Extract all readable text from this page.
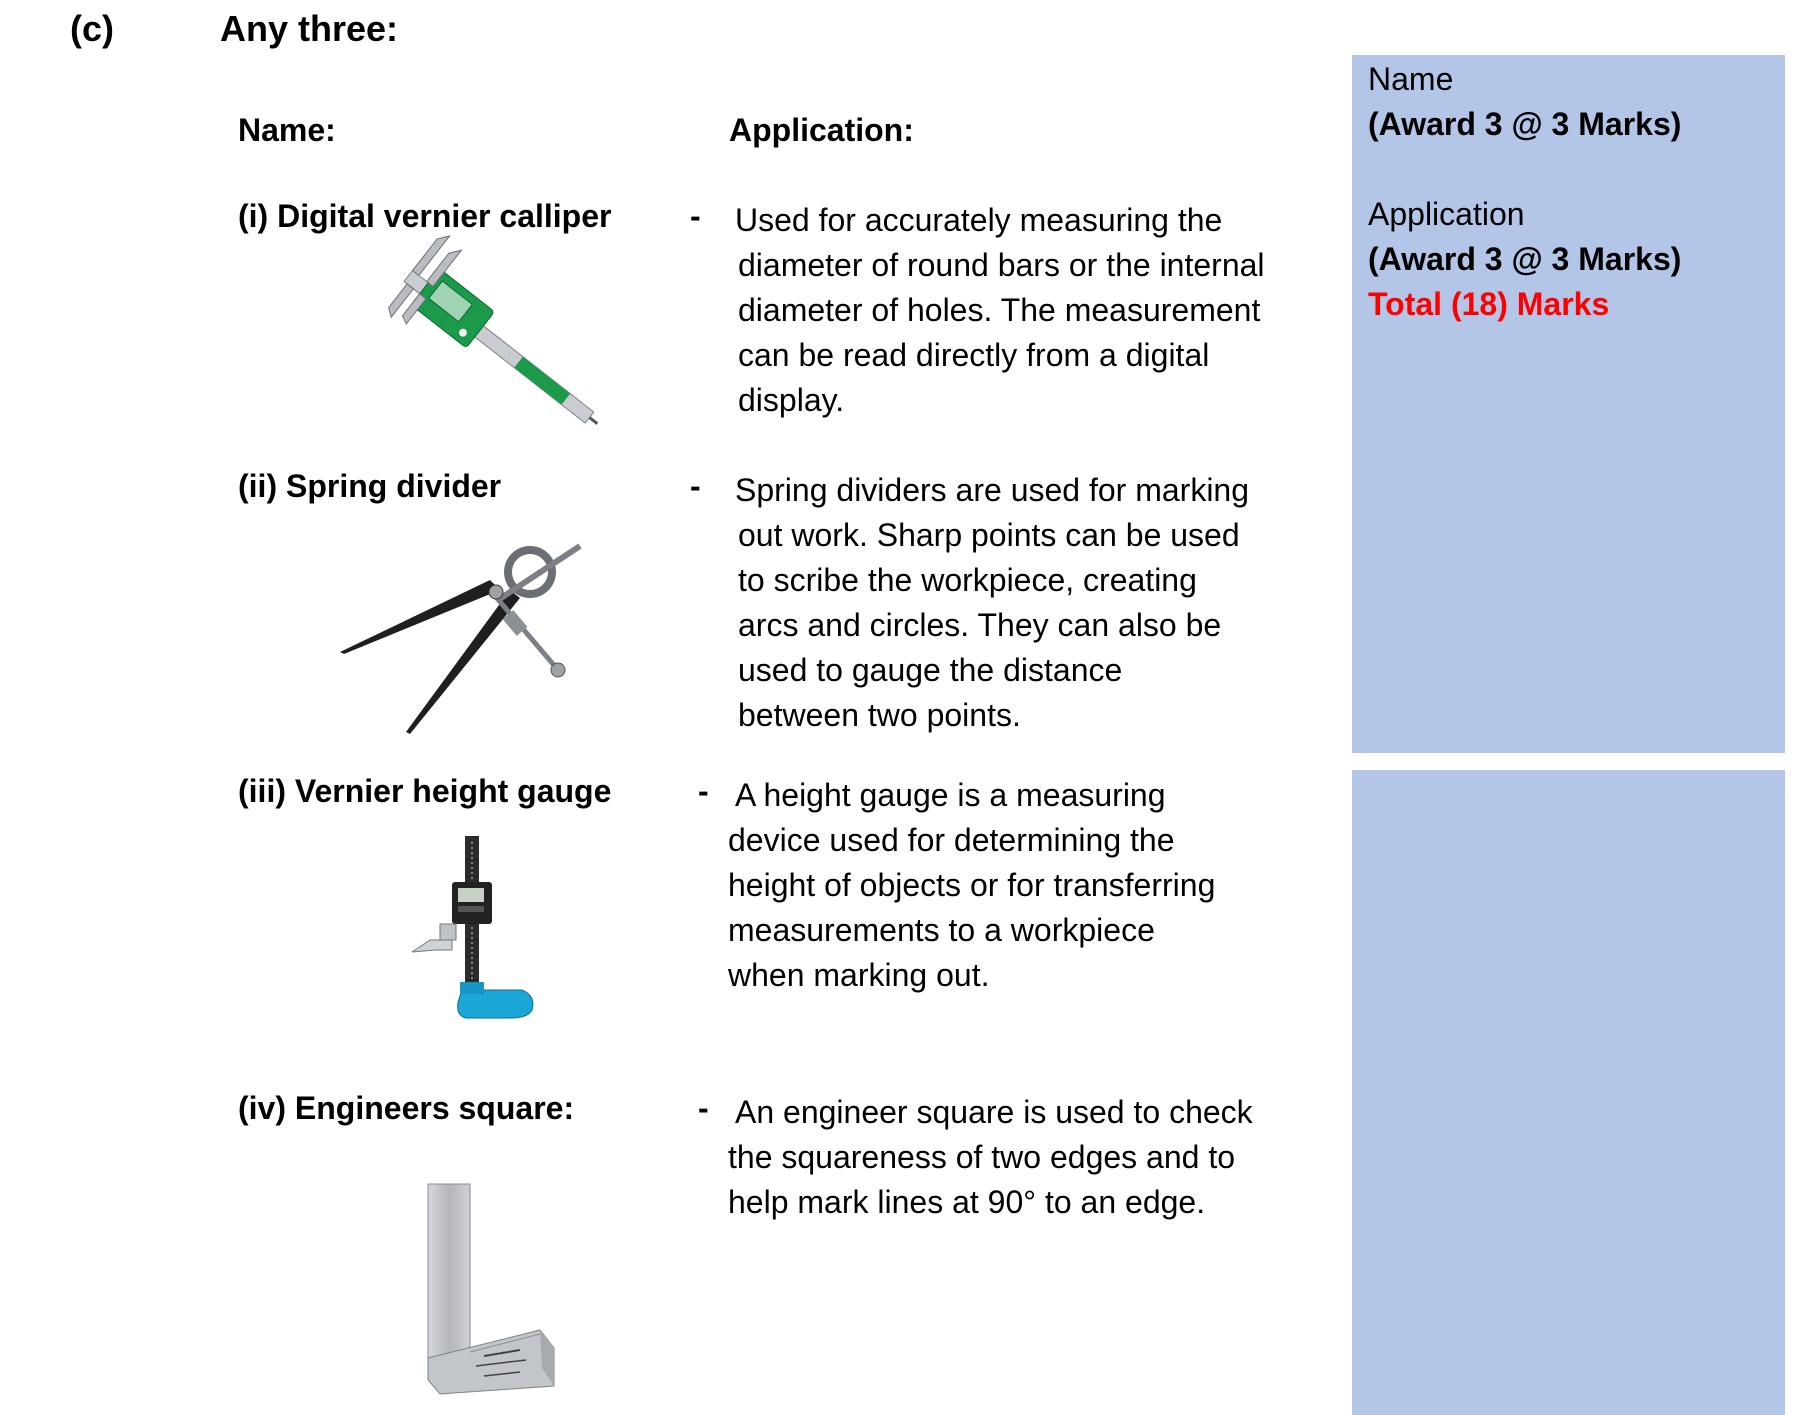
(c)	Any three:
Name:	Application:
Name
(Award 3 @ 3 Marks)
Application
(Award 3 @ 3 Marks)
Total (18) Marks
(i) Digital vernier calliper - Used for accurately measuring the
diameter of round bars or the internal
diameter of holes. The measurement
can be read directly from a digital
display.
(ii) Spring divider	- Spring dividers are used for marking
out work. Sharp points can be used
to scribe the workpiece, creating
arcs and circles. They can also be
used to gauge the distance
between two points.
(iii) Vernier height gauge	- A height gauge is a measuring
device used for determining the
height of objects or for transferring
measurements to a workpiece
when marking out.
(iv) Engineers square:	- An engineer square is used to check
the squareness of two edges and to
help mark lines at 90° to an edge.
